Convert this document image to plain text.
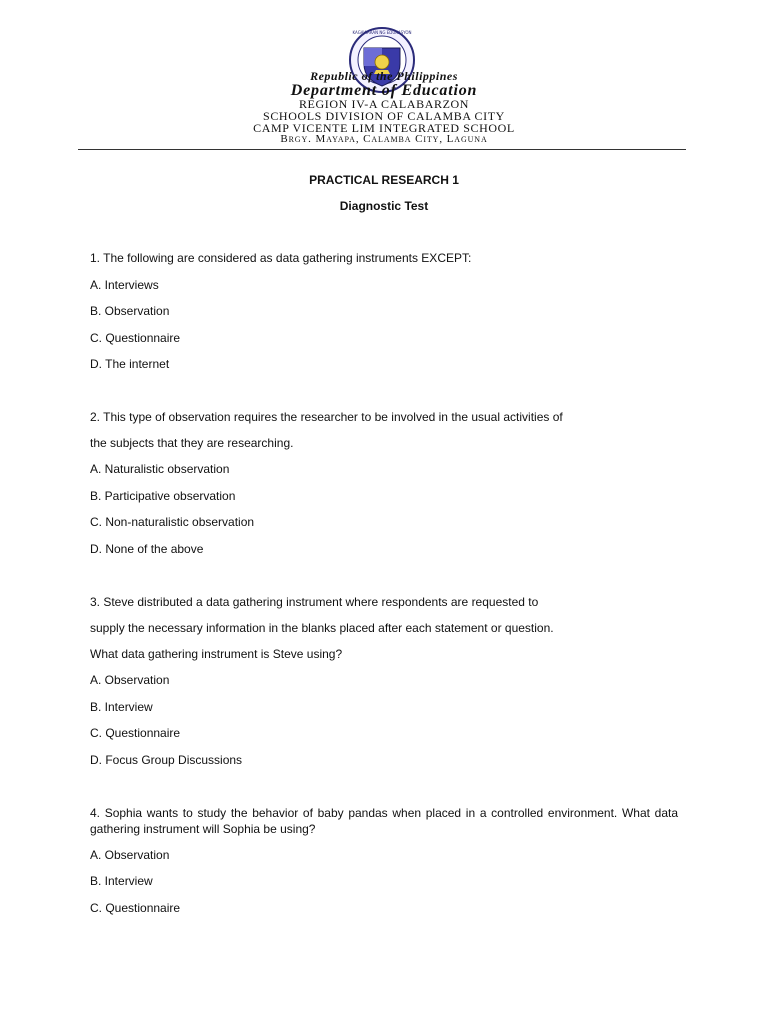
KAGAWARAN NG EDUKASYON
Republic of the Philippines
Department of Education
REGION IV-A CALABARZON
SCHOOLS DIVISION OF CALAMBA CITY
CAMP VICENTE LIM INTEGRATED SCHOOL
Brgy. Mayapa, Calamba City, Laguna
PRACTICAL RESEARCH 1
Diagnostic Test
1. The following are considered as data gathering instruments EXCEPT:
A. Interviews
B. Observation
C. Questionnaire
D. The internet
2. This type of observation requires the researcher to be involved in the usual activities of
the subjects that they are researching.
A. Naturalistic observation
B. Participative observation
C. Non-naturalistic observation
D. None of the above
3. Steve distributed a data gathering instrument where respondents are requested to
supply the necessary information in the blanks placed after each statement or question.
What data gathering instrument is Steve using?
A. Observation
B. Interview
C. Questionnaire
D. Focus Group Discussions
4. Sophia wants to study the behavior of baby pandas when placed in a controlled environment. What data gathering instrument will Sophia be using?
A. Observation
B. Interview
C. Questionnaire
